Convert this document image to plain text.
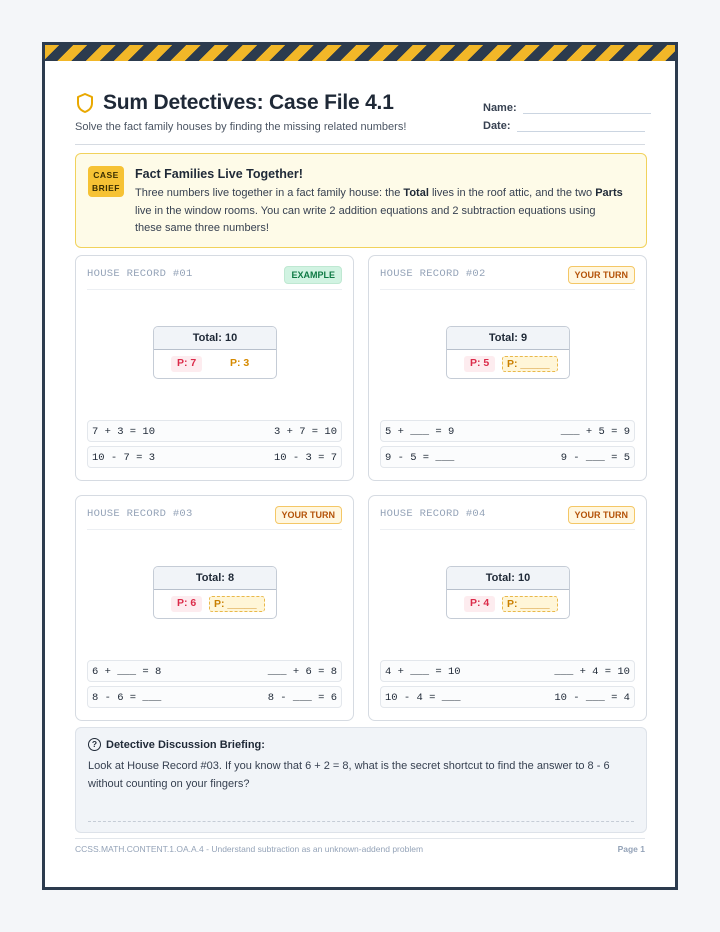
Sum Detectives: Case File 4.1
Solve the fact family houses by finding the missing related numbers!
Name:
Date:
CASE
BRIEF
Fact Families Live Together!
Three numbers live together in a fact family house: the Total lives in the roof attic, and the two Parts live in the window rooms. You can write 2 addition equations and 2 subtraction equations using these same three numbers!
HOUSE RECORD #01	EXAMPLE
Total: 10
P: 7	P: 3
7 + 3 = 10	3 + 7 = 10
10 - 7 = 3	10 - 3 = 7
HOUSE RECORD #02	YOUR TURN
Total: 9
P: 5	P: _____
5 + ___ = 9	___ + 5 = 9
9 - 5 = ___	9 - ___ = 5
HOUSE RECORD #03	YOUR TURN
Total: 8
P: 6	P: _____
6 + ___ = 8	___ + 6 = 8
8 - 6 = ___	8 - ___ = 6
HOUSE RECORD #04	YOUR TURN
Total: 10
P: 4	P: _____
4 + ___ = 10	___ + 4 = 10
10 - 4 = ___	10 - ___ = 4
? Detective Discussion Briefing:
Look at House Record #03. If you know that 6 + 2 = 8, what is the secret shortcut to find the answer to 8 - 6 without counting on your fingers?
CCSS.MATH.CONTENT.1.OA.A.4 - Understand subtraction as an unknown-addend problem	Page 1
